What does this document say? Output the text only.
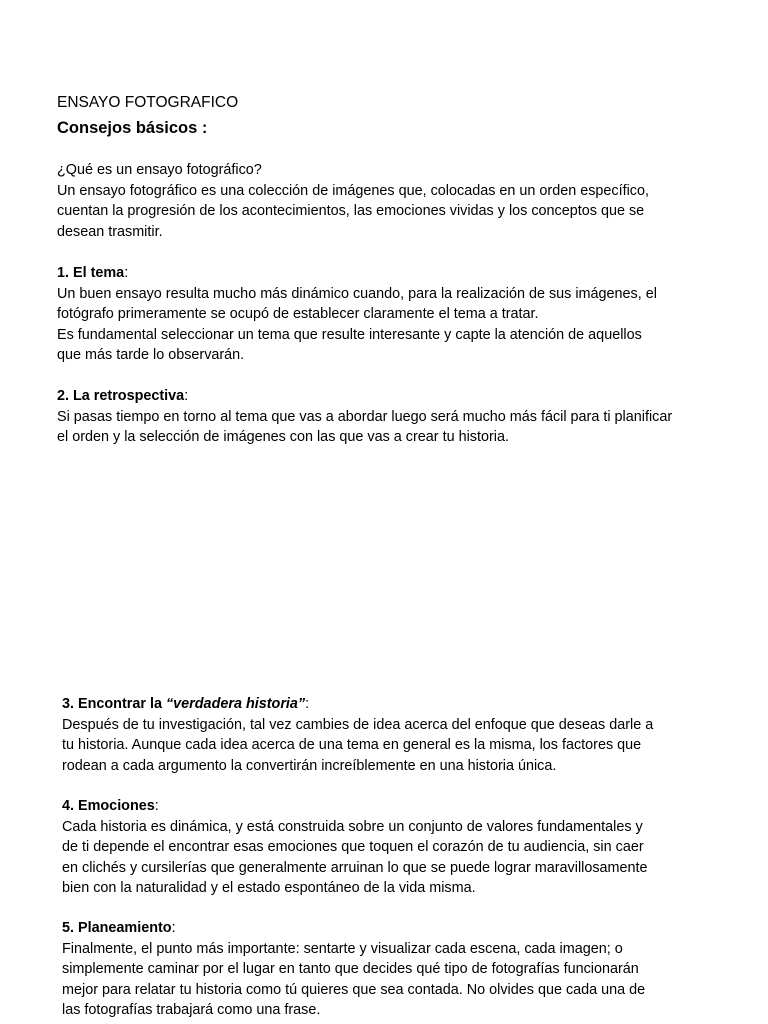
ENSAYO FOTOGRAFICO

Consejos básicos :

¿Qué es un ensayo fotográfico?

Un ensayo fotográfico es una colección de imágenes que, colocadas en un orden específico,

cuentan la progresión de los acontecimientos, las emociones vividas y los conceptos que se

desean trasmitir.

1. El tema:

Un buen ensayo resulta mucho más dinámico cuando, para la realización de sus imágenes, el

fotógrafo primeramente se ocupó de establecer claramente el tema a tratar.

Es fundamental seleccionar un tema que resulte interesante y capte la atención de aquellos

que más tarde lo observarán.

2. La retrospectiva:

Si pasas tiempo en torno al tema que vas a abordar luego será mucho más fácil para ti planificar

el orden y la selección de imágenes con las que vas a crear tu historia.

3. Encontrar la “verdadera historia”:

Después de tu investigación, tal vez cambies de idea acerca del enfoque que deseas darle a

tu historia. Aunque cada idea acerca de una tema en general es la misma, los factores que

rodean a cada argumento la convertirán increíblemente en una historia única.

4. Emociones:

Cada historia es dinámica, y está construida sobre un conjunto de valores fundamentales y

de ti depende el encontrar esas emociones que toquen el corazón de tu audiencia, sin caer

en clichés y cursilerías que generalmente arruinan lo que se puede lograr maravillosamente

bien con la naturalidad y el estado espontáneo de la vida misma.

5. Planeamiento:

Finalmente, el punto más importante: sentarte y visualizar cada escena, cada imagen; o

simplemente caminar por el lugar en tanto que decides qué tipo de fotografías funcionarán

mejor para relatar tu historia como tú quieres que sea contada. No olvides que cada una de

las fotografías trabajará como una frase.
